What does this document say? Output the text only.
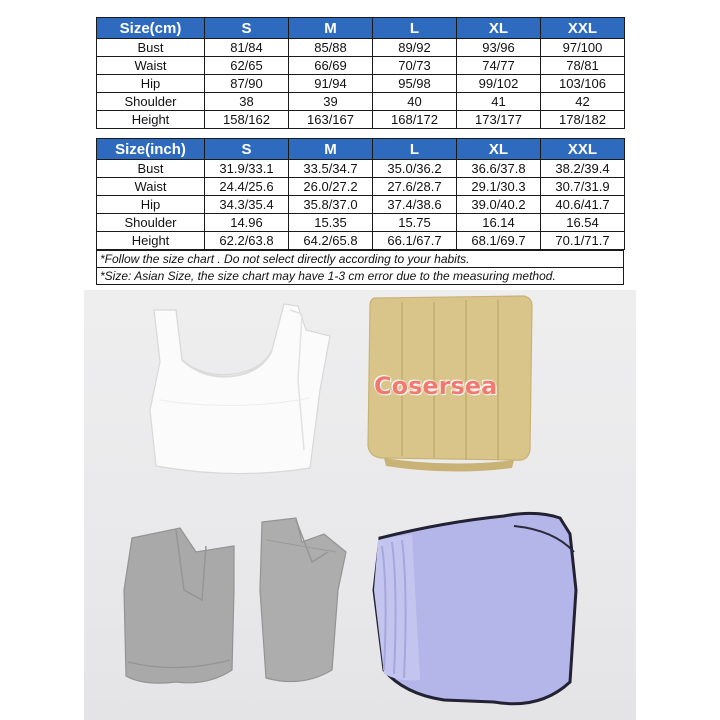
Size(cm)	S	M	L	XL	XXL
Bust	81/84	85/88	89/92	93/96	97/100
Waist	62/65	66/69	70/73	74/77	78/81
Hip	87/90	91/94	95/98	99/102	103/106
Shoulder	38	39	40	41	42
Height	158/162	163/167	168/172	173/177	178/182
Size(inch)	S	M	L	XL	XXL
Bust	31.9/33.1	33.5/34.7	35.0/36.2	36.6/37.8	38.2/39.4
Waist	24.4/25.6	26.0/27.2	27.6/28.7	29.1/30.3	30.7/31.9
Hip	34.3/35.4	35.8/37.0	37.4/38.6	39.0/40.2	40.6/41.7
Shoulder	14.96	15.35	15.75	16.14	16.54
Height	62.2/63.8	64.2/65.8	66.1/67.7	68.1/69.7	70.1/71.7
*Follow the size chart . Do not select directly according to your habits.
*Size: Asian Size, the size chart may have 1-3 cm error due to the measuring method.
Cosersea
